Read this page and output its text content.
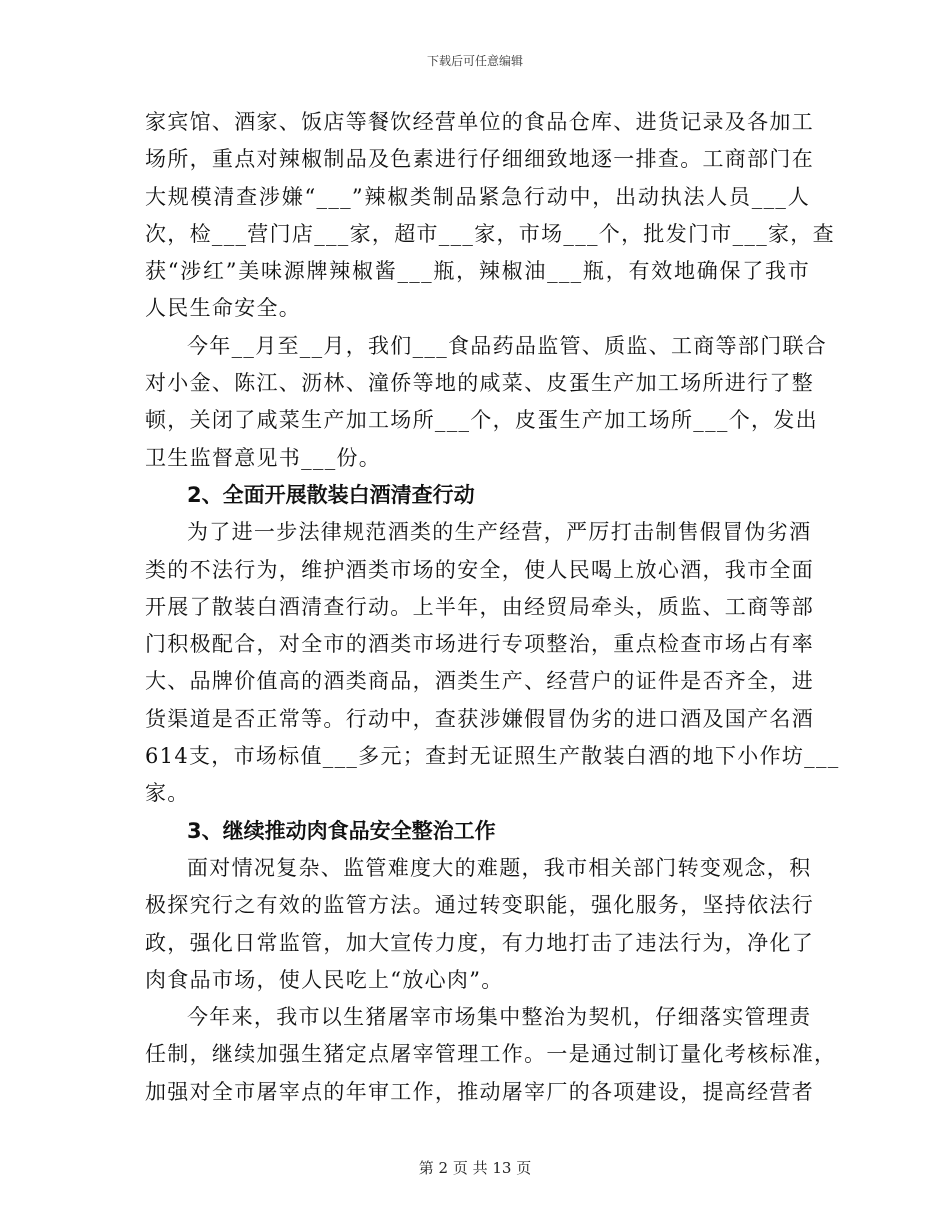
下载后可任意编辑
家宾馆、酒家、饭店等餐饮经营单位的食品仓库、进货记录及各加工
场所，重点对辣椒制品及色素进行仔细细致地逐一排查。工商部门在
大规模清查涉嫌“___”辣椒类制品紧急行动中，出动执法人员___人
次，检___营门店___家，超市___家，市场___个，批发门市___家，查
获“涉红”美味源牌辣椒酱___瓶，辣椒油___瓶，有效地确保了我市
人民生命安全。
今年__月至__月，我们___食品药品监管、质监、工商等部门联合
对小金、陈江、沥林、潼侨等地的咸菜、皮蛋生产加工场所进行了整
顿，关闭了咸菜生产加工场所___个，皮蛋生产加工场所___个，发出
卫生监督意见书___份。
2、全面开展散装白酒清查行动
为了进一步法律规范酒类的生产经营，严厉打击制售假冒伪劣酒
类的不法行为，维护酒类市场的安全，使人民喝上放心酒，我市全面
开展了散装白酒清查行动。上半年，由经贸局牵头，质监、工商等部
门积极配合，对全市的酒类市场进行专项整治，重点检查市场占有率
大、品牌价值高的酒类商品，酒类生产、经营户的证件是否齐全，进
货渠道是否正常等。行动中，查获涉嫌假冒伪劣的进口酒及国产名酒
614支，市场标值___多元；查封无证照生产散装白酒的地下小作坊___
家。
3、继续推动肉食品安全整治工作
面对情况复杂、监管难度大的难题，我市相关部门转变观念，积
极探究行之有效的监管方法。通过转变职能，强化服务，坚持依法行
政，强化日常监管，加大宣传力度，有力地打击了违法行为，净化了
肉食品市场，使人民吃上“放心肉”。
今年来，我市以生猪屠宰市场集中整治为契机，仔细落实管理责
任制，继续加强生猪定点屠宰管理工作。一是通过制订量化考核标准，
加强对全市屠宰点的年审工作，推动屠宰厂的各项建设，提高经营者
第 2 页 共 13 页
